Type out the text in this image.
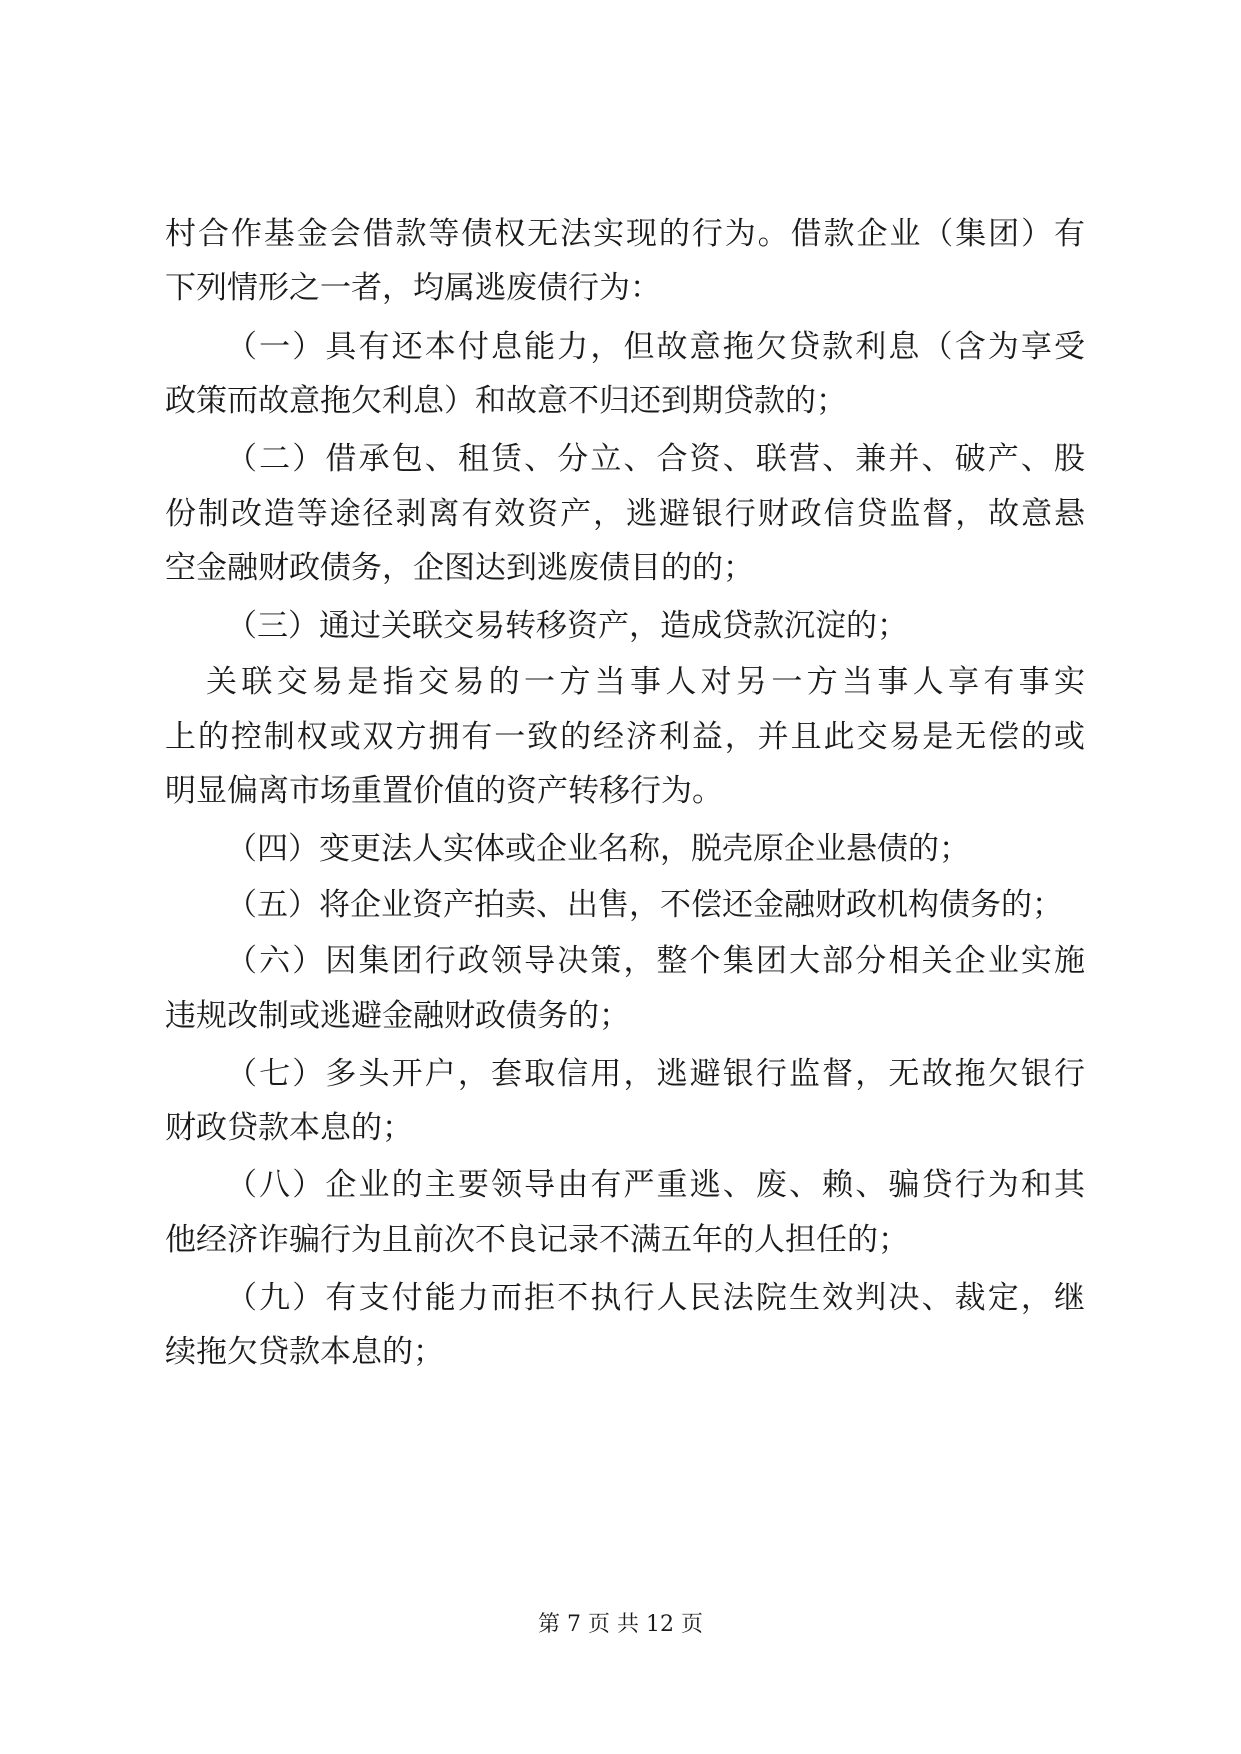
村合作基金会借款等债权无法实现的行为。借款企业（集团）有
下列情形之一者，均属逃废债行为：
（一）具有还本付息能力，但故意拖欠贷款利息（含为享受
政策而故意拖欠利息）和故意不归还到期贷款的；
（二）借承包、租赁、分立、合资、联营、兼并、破产、股
份制改造等途径剥离有效资产，逃避银行财政信贷监督，故意悬
空金融财政债务，企图达到逃废债目的的；
（三）通过关联交易转移资产，造成贷款沉淀的；
关联交易是指交易的一方当事人对另一方当事人享有事实
上的控制权或双方拥有一致的经济利益，并且此交易是无偿的或
明显偏离市场重置价值的资产转移行为。
（四）变更法人实体或企业名称，脱壳原企业悬债的；
（五）将企业资产拍卖、出售，不偿还金融财政机构债务的；
（六）因集团行政领导决策，整个集团大部分相关企业实施
违规改制或逃避金融财政债务的；
（七）多头开户，套取信用，逃避银行监督，无故拖欠银行
财政贷款本息的；
（八）企业的主要领导由有严重逃、废、赖、骗贷行为和其
他经济诈骗行为且前次不良记录不满五年的人担任的；
（九）有支付能力而拒不执行人民法院生效判决、裁定，继
续拖欠贷款本息的；
第 7 页 共 12 页
